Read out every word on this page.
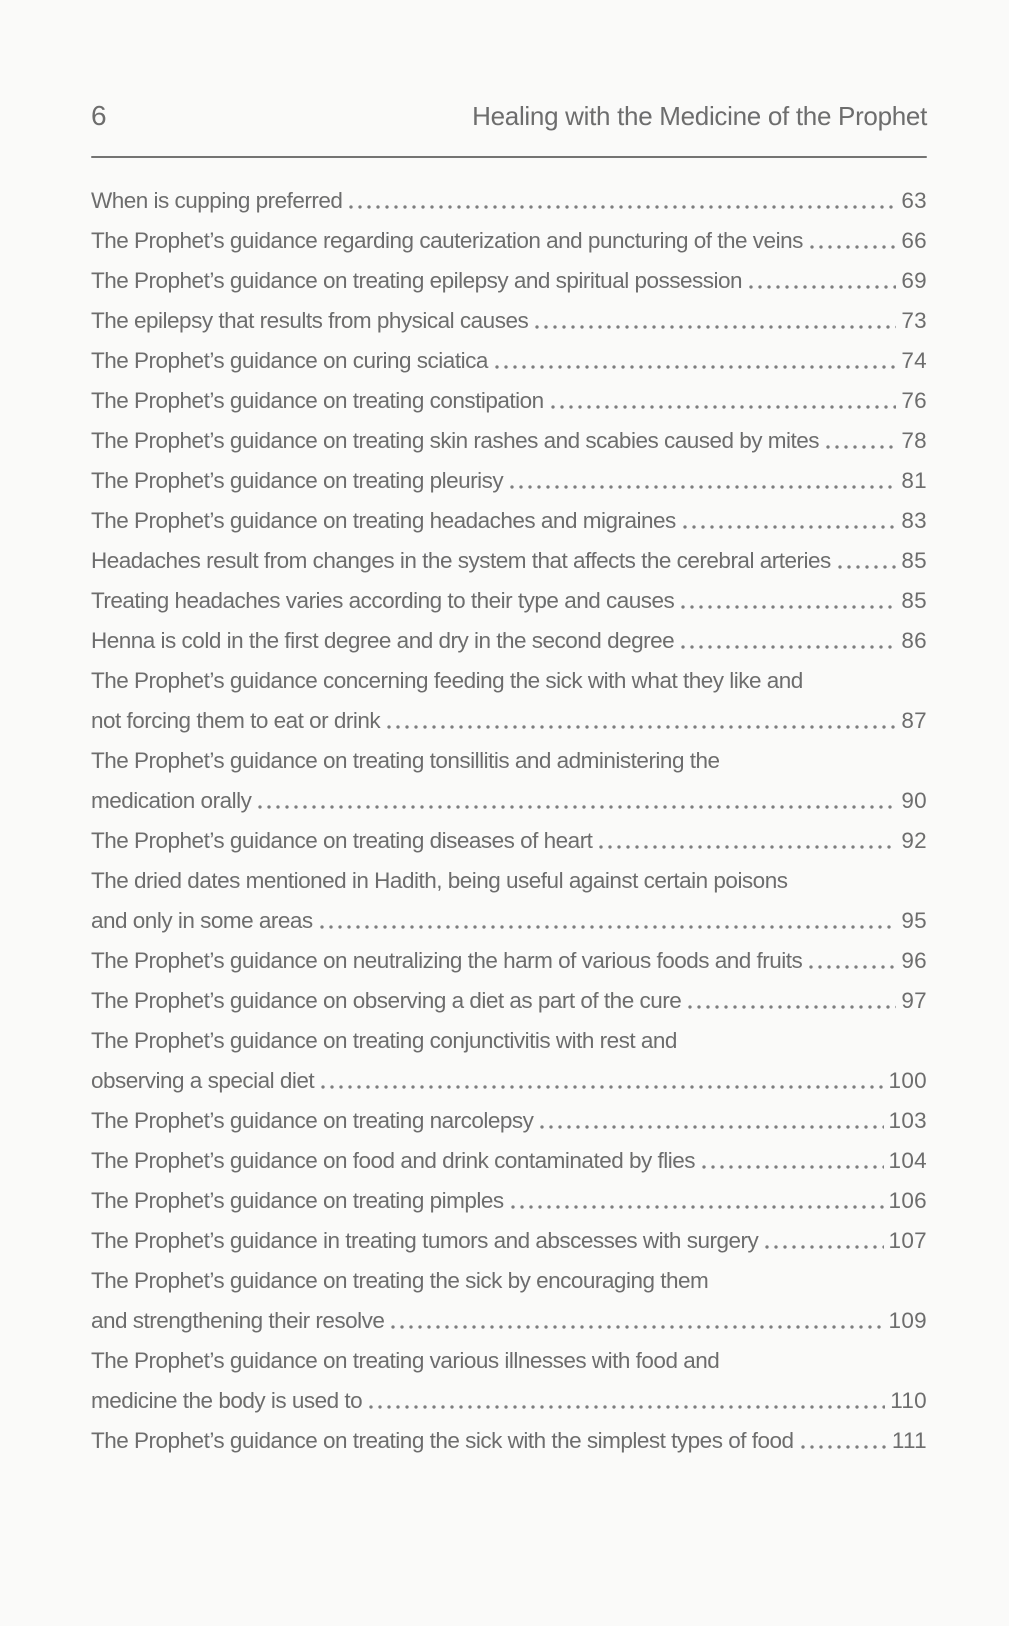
6	Healing with the Medicine of the Prophet
When is cupping preferred	63
The Prophet’s guidance regarding cauterization and puncturing of the veins	66
The Prophet’s guidance on treating epilepsy and spiritual possession	69
The epilepsy that results from physical causes	73
The Prophet’s guidance on curing sciatica	74
The Prophet’s guidance on treating constipation	76
The Prophet’s guidance on treating skin rashes and scabies caused by mites	78
The Prophet’s guidance on treating pleurisy	81
The Prophet’s guidance on treating headaches and migraines	83
Headaches result from changes in the system that affects the cerebral arteries	85
Treating headaches varies according to their type and causes	85
Henna is cold in the first degree and dry in the second degree	86
The Prophet’s guidance concerning feeding the sick with what they like and
not forcing them to eat or drink	87
The Prophet’s guidance on treating tonsillitis and administering the
medication orally	90
The Prophet’s guidance on treating diseases of heart	92
The dried dates mentioned in Hadith, being useful against certain poisons
and only in some areas	95
The Prophet’s guidance on neutralizing the harm of various foods and fruits	96
The Prophet’s guidance on observing a diet as part of the cure	97
The Prophet’s guidance on treating conjunctivitis with rest and
observing a special diet	100
The Prophet’s guidance on treating narcolepsy	103
The Prophet’s guidance on food and drink contaminated by flies	104
The Prophet’s guidance on treating pimples	106
The Prophet’s guidance in treating tumors and abscesses with surgery	107
The Prophet’s guidance on treating the sick by encouraging them
and strengthening their resolve	109
The Prophet’s guidance on treating various illnesses with food and
medicine the body is used to	110
The Prophet’s guidance on treating the sick with the simplest types of food	111
